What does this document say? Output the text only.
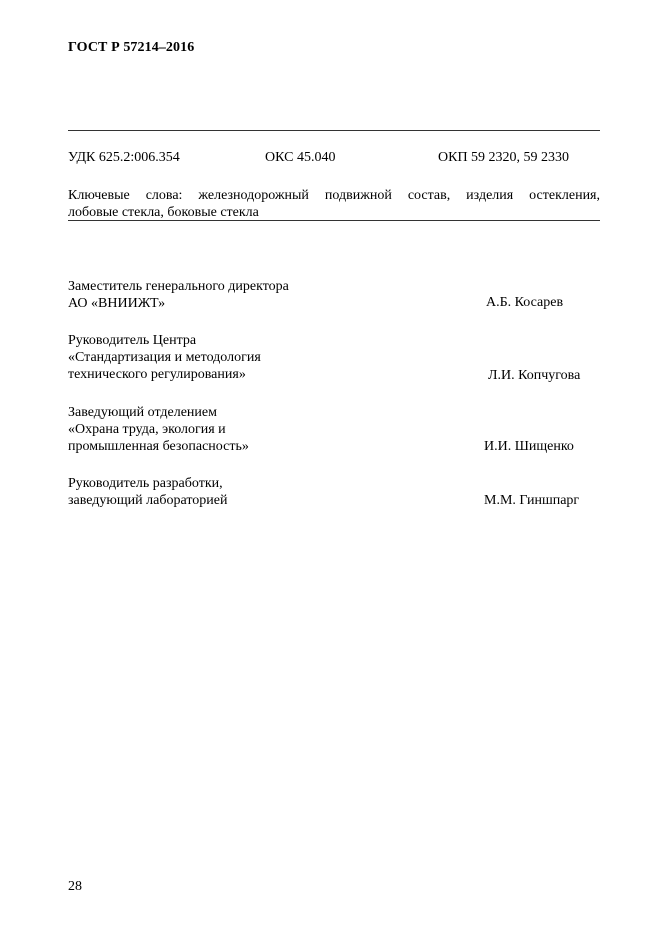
ГОСТ Р 57214–2016
УДК 625.2:006.354	ОКС 45.040	ОКП 59 2320, 59 2330
Ключевые слова: железнодорожный подвижной состав, изделия остекления,
лобовые стекла, боковые стекла
Заместитель генерального директора
АО «ВНИИЖТ»	А.Б. Косарев
Руководитель Центра
«Стандартизация и методология
технического регулирования»	Л.И. Копчугова
Заведующий отделением
«Охрана труда, экология и
промышленная безопасность»	И.И. Шищенко
Руководитель разработки,
заведующий лабораторией	М.М. Гиншпарг
28
